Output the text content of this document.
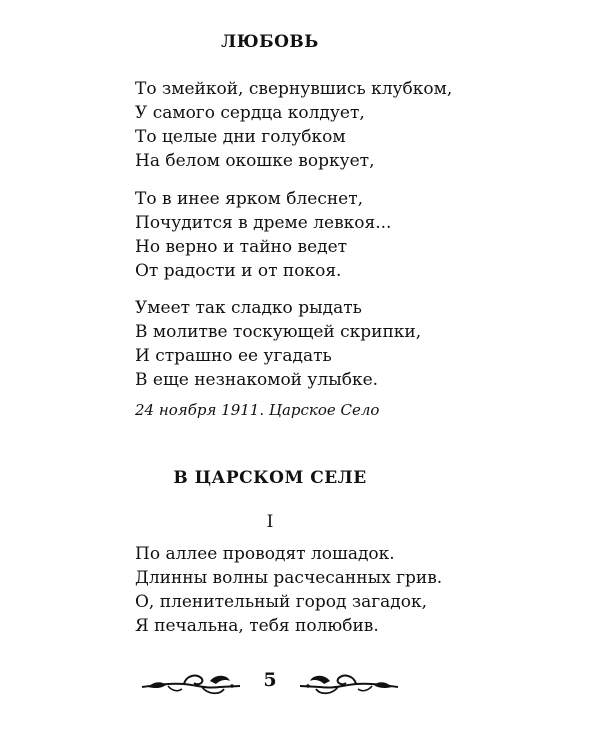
ЛЮБОВЬ
То змейкой, свернувшись клубком,
У самого сердца колдует,
То целые дни голубком
На белом окошке воркует,
То в инее ярком блеснет,
Почудится в дреме левкоя...
Но верно и тайно ведет
От радости и от покоя.
Умеет так сладко рыдать
В молитве тоскующей скрипки,
И страшно ее угадать
В еще незнакомой улыбке.
24 ноября 1911. Царское Село
В ЦАРСКОМ СЕЛЕ
I
По аллее проводят лошадок.
Длинны волны расчесанных грив.
О, пленительный город загадок,
Я печальна, тебя полюбив.
5
